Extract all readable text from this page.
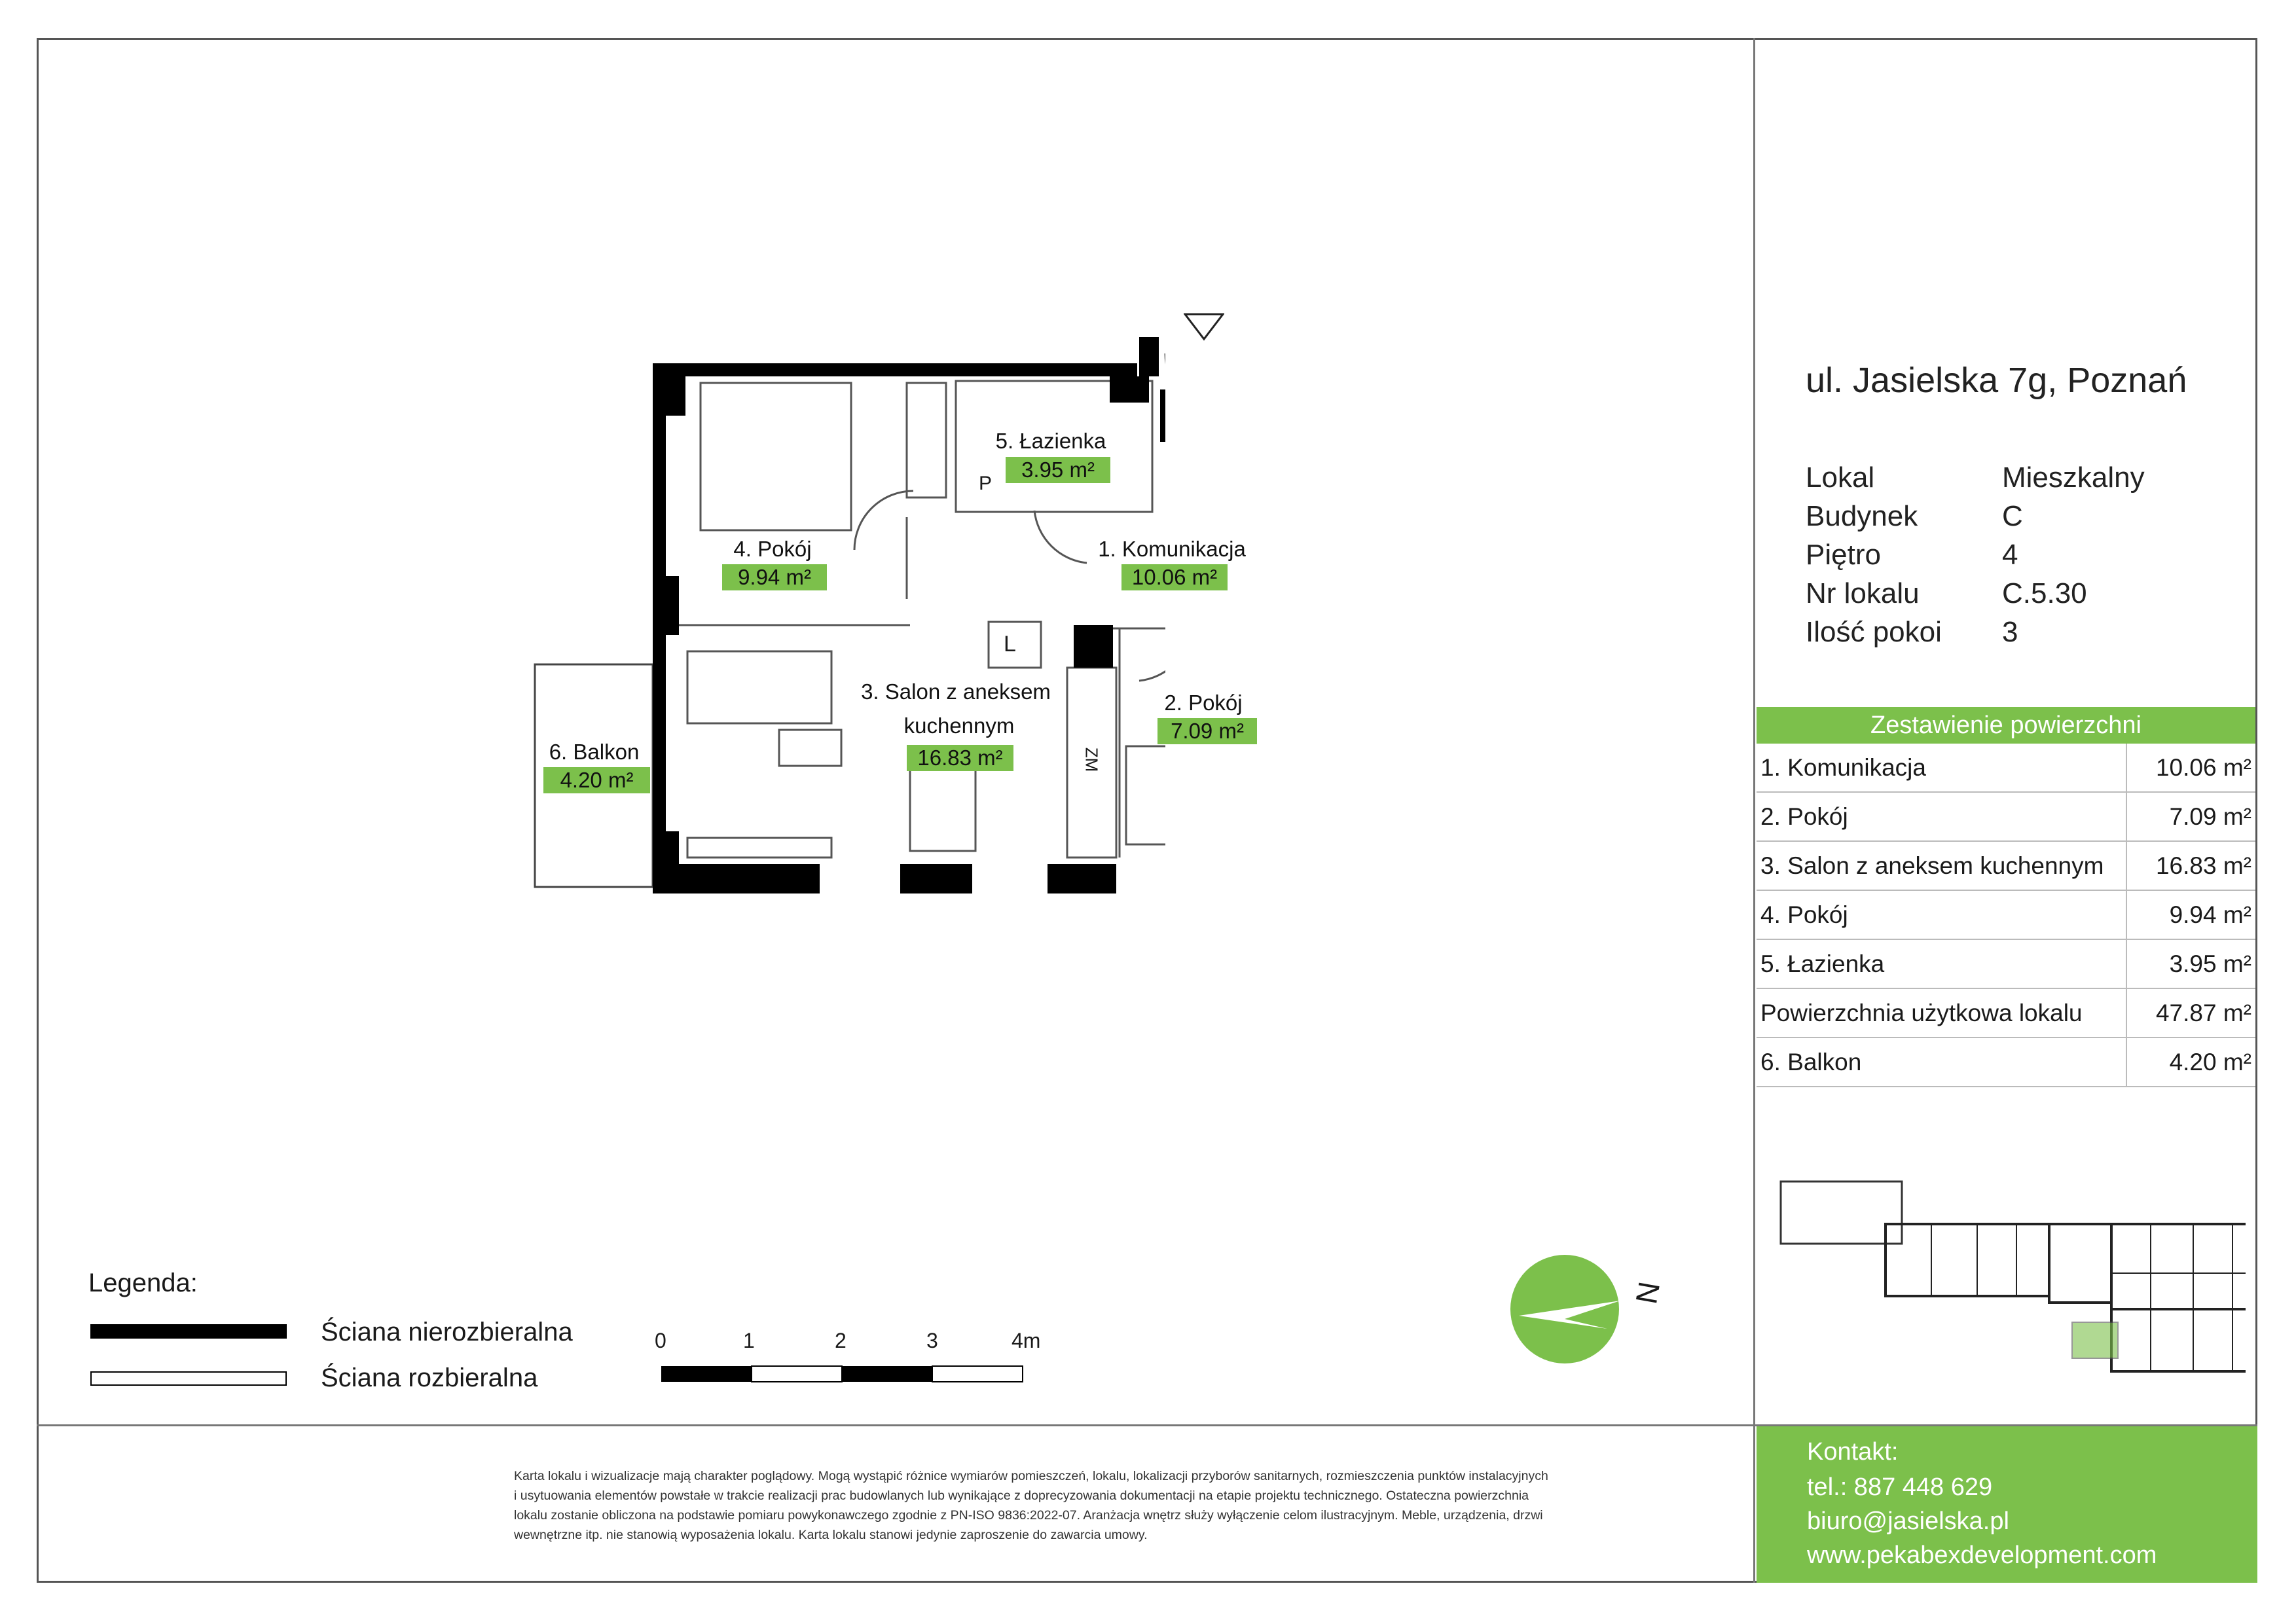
L
P
ZM
5. Łazienka
3.95 m²
4. Pokój
9.94 m²
1. Komunikacja
10.06 m²
3. Salon z aneksem
kuchennym
16.83 m²
2. Pokój
7.09 m²
6. Balkon
4.20 m²
ul. Jasielska 7g, Poznań
Lokal	Mieszkalny
Budynek	C
Piętro	4
Nr lokalu	C.5.30
Ilość pokoi	3
Zestawienie powierzchni
1. Komunikacja	10.06 m²
2. Pokój	7.09 m²
3. Salon z aneksem kuchennym	16.83 m²
4. Pokój	9.94 m²
5. Łazienka	3.95 m²
Powierzchnia użytkowa lokalu	47.87 m²
6. Balkon	4.20 m²
N
Legenda:
Ściana nierozbieralna
Ściana rozbieralna
0	1	2	3	4m
Karta lokalu i wizualizacje mają charakter poglądowy. Mogą wystąpić różnice wymiarów pomieszczeń, lokalu, lokalizacji przyborów sanitarnych, rozmieszczenia punktów instalacyjnych
i usytuowania elementów powstałe w trakcie realizacji prac budowlanych lub wynikające z doprecyzowania dokumentacji na etapie projektu technicznego. Ostateczna powierzchnia
lokalu zostanie obliczona na podstawie pomiaru powykonawczego zgodnie z PN-ISO 9836:2022-07. Aranżacja wnętrz służy wyłączenie celom ilustracyjnym. Meble, urządzenia, drzwi
wewnętrzne itp. nie stanowią wyposażenia lokalu. Karta lokalu stanowi jedynie zaproszenie do zawarcia umowy.
Kontakt:
tel.: 887 448 629
biuro@jasielska.pl
www.pekabexdevelopment.com
